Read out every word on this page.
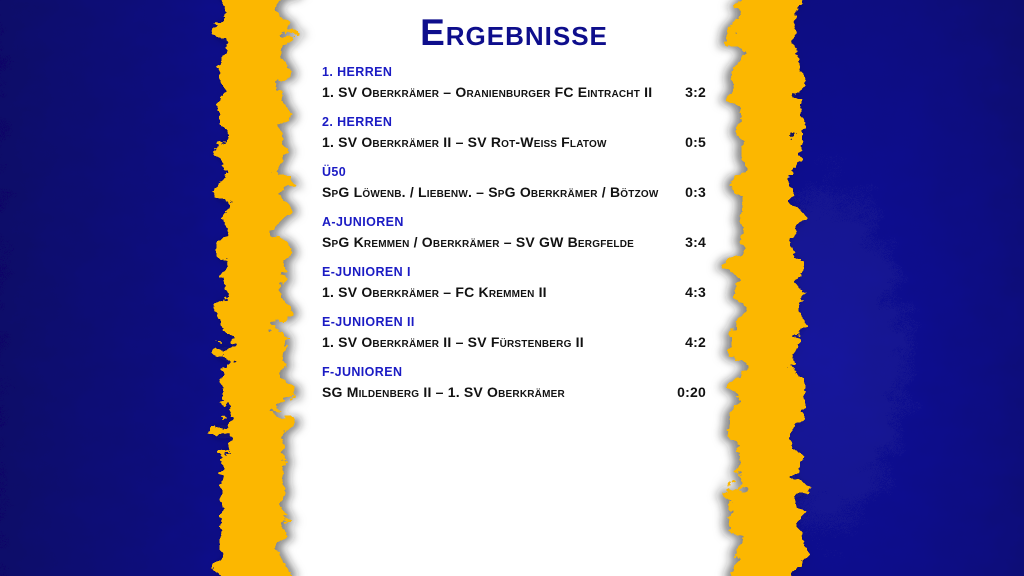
Ergebnisse
1. HERREN
1. SV Oberkrämer – Oranienburger FC Eintracht II 3:2
2. HERREN
1. SV Oberkrämer II – SV Rot-Weiß Flatow	0:5
Ü50
SpG Löwenb. / Liebenw. – SpG Oberkrämer / Bötzow 0:3
A-JUNIOREN
SpG Kremmen / Oberkrämer – SV GW Bergfelde	3:4
E-JUNIOREN I
1. SV Oberkrämer – FC Kremmen II	4:3
E-JUNIOREN II
1. SV Oberkrämer II – SV Fürstenberg II	4:2
F-JUNIOREN
SG Mildenberg II – 1. SV Oberkrämer	0:20
